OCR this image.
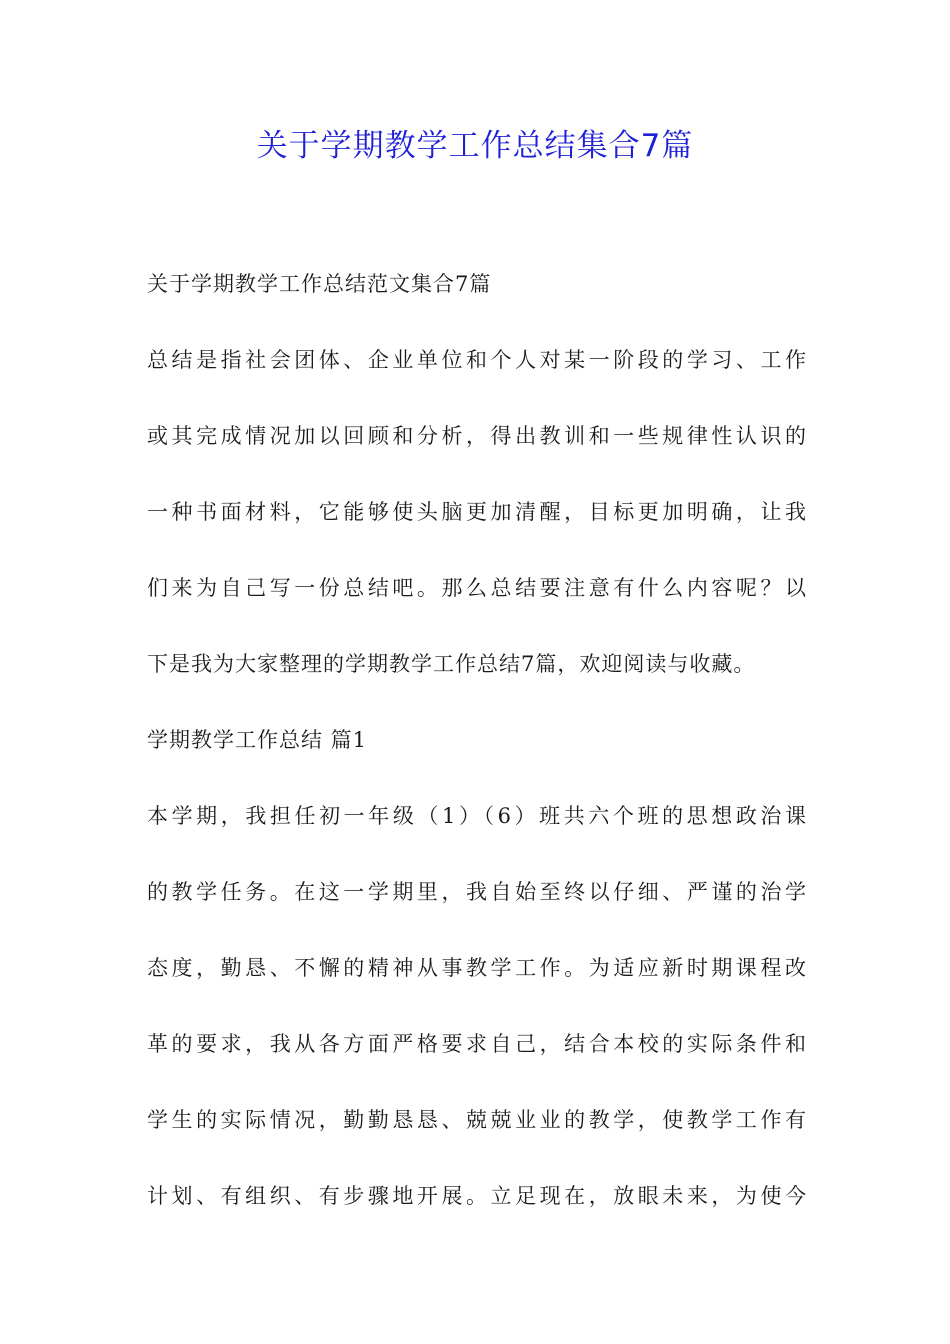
关于学期教学工作总结集合7篇
关于学期教学工作总结范文集合7篇
总结是指社会团体、企业单位和个人对某一阶段的学习、工作
或其完成情况加以回顾和分析，得出教训和一些规律性认识的
一种书面材料，它能够使头脑更加清醒，目标更加明确，让我
们来为自己写一份总结吧。那么总结要注意有什么内容呢？以
下是我为大家整理的学期教学工作总结7篇，欢迎阅读与收藏。
学期教学工作总结 篇1
本学期，我担任初一年级（1）（6）班共六个班的思想政治课
的教学任务。在这一学期里，我自始至终以仔细、严谨的治学
态度，勤恳、不懈的精神从事教学工作。为适应新时期课程改
革的要求，我从各方面严格要求自己，结合本校的实际条件和
学生的实际情况，勤勤恳恳、兢兢业业的教学，使教学工作有
计划、有组织、有步骤地开展。立足现在，放眼未来，为使今
